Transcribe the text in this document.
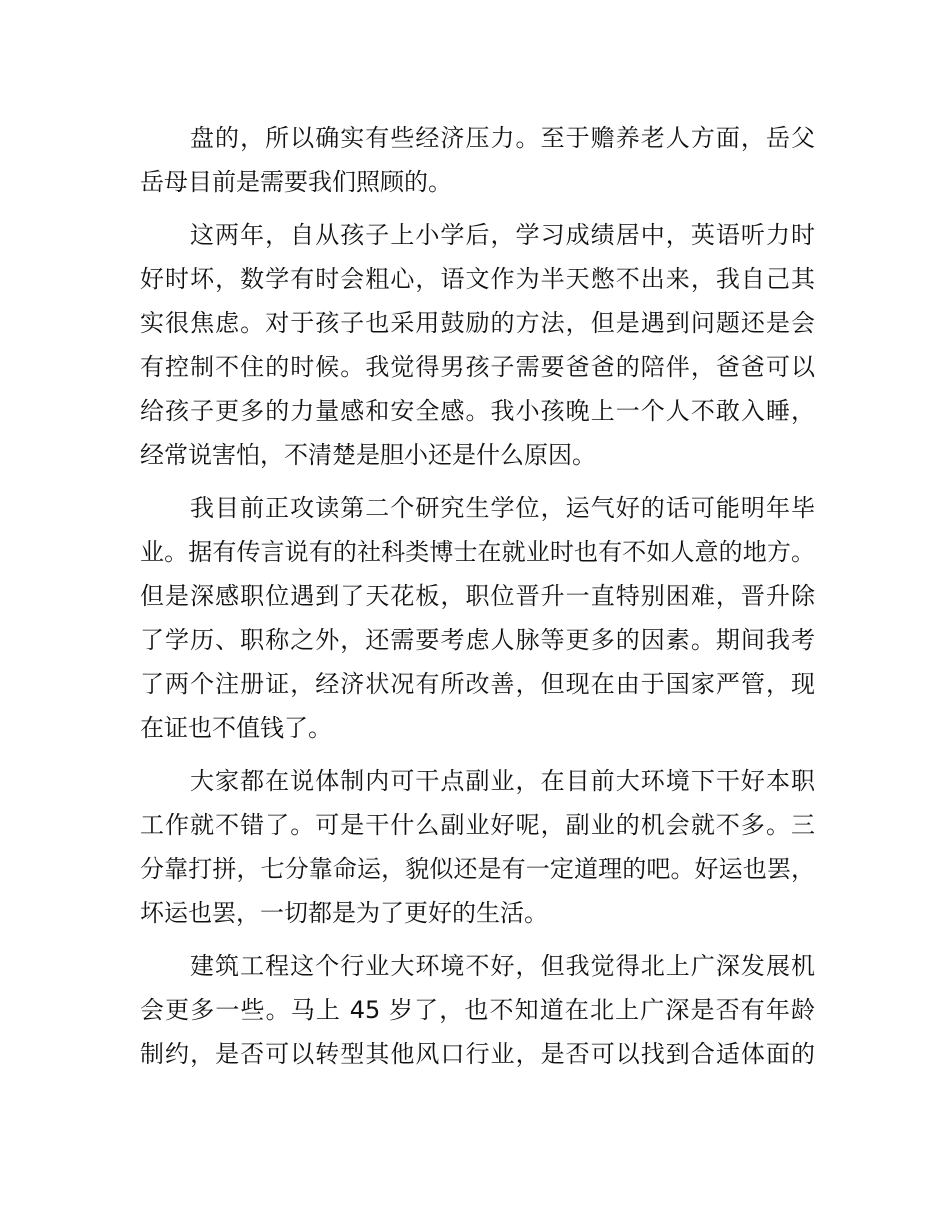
盘的，所以确实有些经济压力。至于赡养老人方面，岳父
岳母目前是需要我们照顾的。
这两年，自从孩子上小学后，学习成绩居中，英语听力时
好时坏，数学有时会粗心，语文作为半天憋不出来，我自己其
实很焦虑。对于孩子也采用鼓励的方法，但是遇到问题还是会
有控制不住的时候。我觉得男孩子需要爸爸的陪伴，爸爸可以
给孩子更多的力量感和安全感。我小孩晚上一个人不敢入睡，
经常说害怕，不清楚是胆小还是什么原因。
我目前正攻读第二个研究生学位，运气好的话可能明年毕
业。据有传言说有的社科类博士在就业时也有不如人意的地方。
但是深感职位遇到了天花板，职位晋升一直特别困难，晋升除
了学历、职称之外，还需要考虑人脉等更多的因素。期间我考
了两个注册证，经济状况有所改善，但现在由于国家严管，现
在证也不值钱了。
大家都在说体制内可干点副业，在目前大环境下干好本职
工作就不错了。可是干什么副业好呢，副业的机会就不多。三
分靠打拼，七分靠命运，貌似还是有一定道理的吧。好运也罢，
坏运也罢，一切都是为了更好的生活。
建筑工程这个行业大环境不好，但我觉得北上广深发展机
会更多一些。马上 45 岁了，也不知道在北上广深是否有年龄
制约，是否可以转型其他风口行业，是否可以找到合适体面的
